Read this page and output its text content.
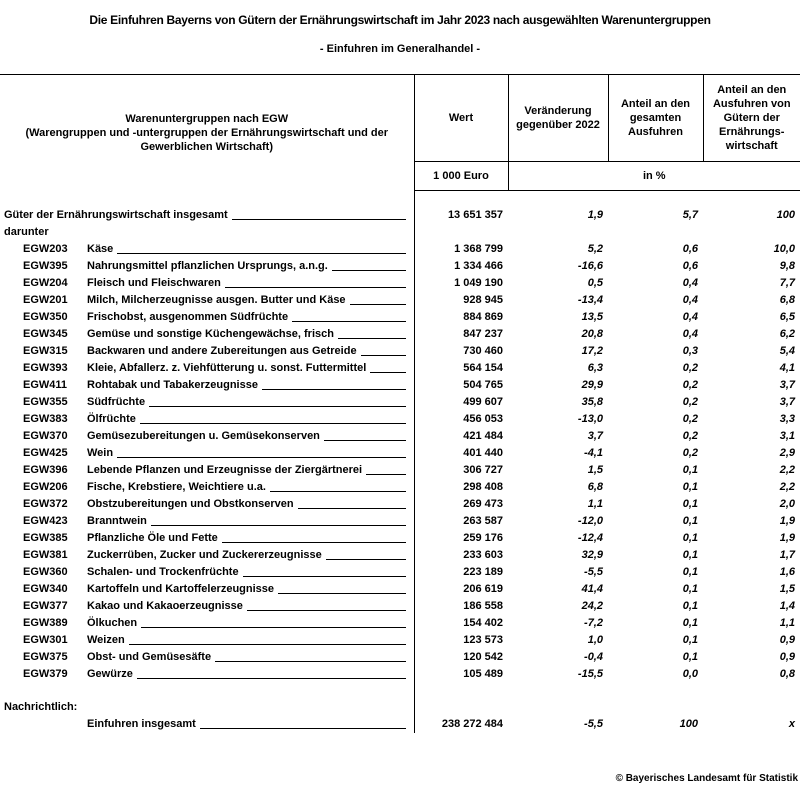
Die Einfuhren Bayerns von Gütern der Ernährungswirtschaft im Jahr 2023 nach ausgewählten Warenuntergruppen
- Einfuhren im Generalhandel -
Warenuntergruppen nach EGW
(Warengruppen und -untergruppen der Ernährungswirtschaft und der Gewerblichen Wirtschaft)	Wert	Veränderung gegenüber 2022	Anteil an den gesamten Ausfuhren	Anteil an den Ausfuhren von Gütern der Ernährungs-wirtschaft
	1 000 Euro	in %		

Güter der Ernährungswirtschaft insgesamt	13 651 357	1,9	5,7	100
darunter				

EGW203 Käse	1 368 799	5,2	0,6	10,0

EGW395 Nahrungsmittel pflanzlichen Ursprungs, a.n.g.	1 334 466	-16,6	0,6	9,8

EGW204 Fleisch und Fleischwaren	1 049 190	0,5	0,4	7,7

EGW201 Milch, Milcherzeugnisse ausgen. Butter und Käse	928 945	-13,4	0,4	6,8

EGW350 Frischobst, ausgenommen Südfrüchte	884 869	13,5	0,4	6,5

EGW345 Gemüse und sonstige Küchengewächse, frisch	847 237	20,8	0,4	6,2

EGW315 Backwaren und andere Zubereitungen aus Getreide	730 460	17,2	0,3	5,4

EGW393 Kleie, Abfallerz. z. Viehfütterung u. sonst. Futtermittel	564 154	6,3	0,2	4,1

EGW411 Rohtabak und Tabakerzeugnisse	504 765	29,9	0,2	3,7

EGW355 Südfrüchte	499 607	35,8	0,2	3,7

EGW383 Ölfrüchte	456 053	-13,0	0,2	3,3

EGW370 Gemüsezubereitungen u. Gemüsekonserven	421 484	3,7	0,2	3,1

EGW425 Wein	401 440	-4,1	0,2	2,9

EGW396 Lebende Pflanzen und Erzeugnisse der Ziergärtnerei	306 727	1,5	0,1	2,2

EGW206 Fische, Krebstiere, Weichtiere u.a.	298 408	6,8	0,1	2,2

EGW372 Obstzubereitungen und Obstkonserven	269 473	1,1	0,1	2,0

EGW423 Branntwein	263 587	-12,0	0,1	1,9

EGW385 Pflanzliche Öle und Fette	259 176	-12,4	0,1	1,9

EGW381 Zuckerrüben, Zucker und Zuckererzeugnisse	233 603	32,9	0,1	1,7

EGW360 Schalen- und Trockenfrüchte	223 189	-5,5	0,1	1,6

EGW340 Kartoffeln und Kartoffelerzeugnisse	206 619	41,4	0,1	1,5

EGW377 Kakao und Kakaoerzeugnisse	186 558	24,2	0,1	1,4

EGW389 Ölkuchen	154 402	-7,2	0,1	1,1

EGW301 Weizen	123 573	1,0	0,1	0,9

EGW375 Obst- und Gemüsesäfte	120 542	-0,4	0,1	0,9

EGW379 Gewürze	105 489	-15,5	0,0	0,8

Nachrichtlich:				

Einfuhren insgesamt	238 272 484	-5,5	100	x
© Bayerisches Landesamt für Statistik
